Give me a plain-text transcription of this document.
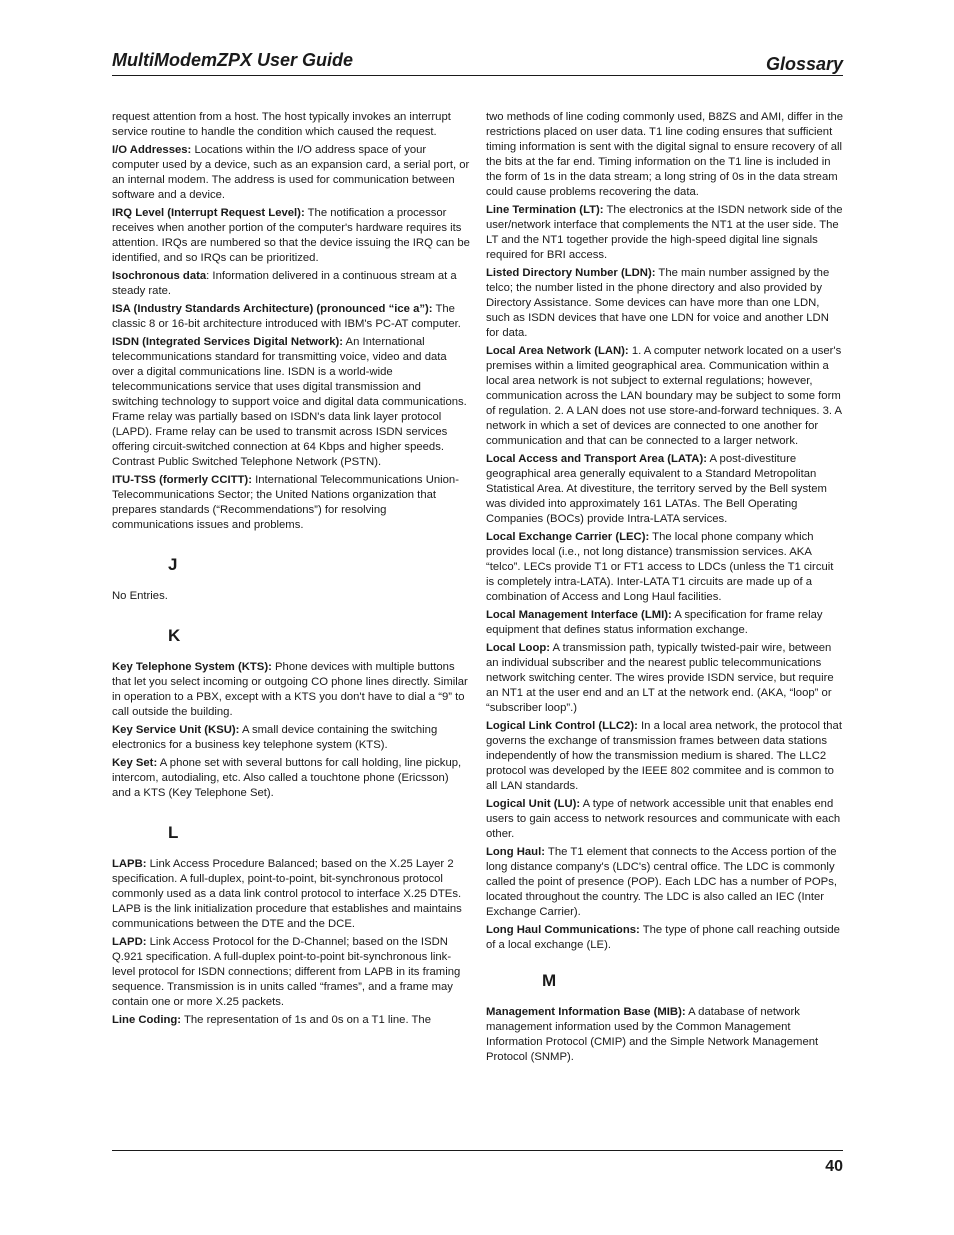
MultiModemZPX User Guide	Glossary

request attention from a host. The host typically invokes an interrupt service routine to handle the condition which caused the request.

I/O Addresses: Locations within the I/O address space of your computer used by a device, such as an expansion card, a serial port, or an internal modem. The address is used for communication between software and a device.

IRQ Level (Interrupt Request Level): The notification a processor receives when another portion of the computer's hardware requires its attention. IRQs are numbered so that the device issuing the IRQ can be identified, and so IRQs can be prioritized.

Isochronous data: Information delivered in a continuous stream at a steady rate.

ISA (Industry Standards Architecture) (pronounced “ice a”): The classic 8 or 16-bit architecture introduced with IBM's PC-AT computer.

ISDN (Integrated Services Digital Network): An International telecommunications standard for transmitting voice, video and data over a digital communications line. ISDN is a world-wide telecommunications service that uses digital transmission and switching technology to support voice and digital data communications. Frame relay was partially based on ISDN's data link layer protocol (LAPD). Frame relay can be used to transmit across ISDN services offering circuit-switched connection at 64 Kbps and higher speeds. Contrast Public Switched Telephone Network (PSTN).

ITU-TSS (formerly CCITT): International Telecommunications Union-Telecommunications Sector; the United Nations organization that prepares standards (“Recommendations”) for resolving communications issues and problems.

J

No Entries.

K

Key Telephone System (KTS): Phone devices with multiple buttons that let you select incoming or outgoing CO phone lines directly. Similar in operation to a PBX, except with a KTS you don't have to dial a “9” to call outside the building.

Key Service Unit (KSU): A small device containing the switching electronics for a business key telephone system (KTS).

Key Set: A phone set with several buttons for call holding, line pickup, intercom, autodialing, etc. Also called a touchtone phone (Ericsson) and a KTS (Key Telephone Set).

L

LAPB: Link Access Procedure Balanced; based on the X.25 Layer 2 specification. A full-duplex, point-to-point, bit-synchronous protocol commonly used as a data link control protocol to interface X.25 DTEs. LAPB is the link initialization procedure that establishes and maintains communications between the DTE and the DCE.

LAPD: Link Access Protocol for the D-Channel; based on the ISDN Q.921 specification. A full-duplex point-to-point bit-synchronous link-level protocol for ISDN connections; different from LAPB in its framing sequence. Transmission is in units called “frames”, and a frame may contain one or more X.25 packets.

Line Coding: The representation of 1s and 0s on a T1 line. The

two methods of line coding commonly used, B8ZS and AMI, differ in the restrictions placed on user data. T1 line coding ensures that sufficient timing information is sent with the digital signal to ensure recovery of all the bits at the far end. Timing information on the T1 line is included in the form of 1s in the data stream; a long string of 0s in the data stream could cause problems recovering the data.

Line Termination (LT): The electronics at the ISDN network side of the user/network interface that complements the NT1 at the user side. The LT and the NT1 together provide the high-speed digital line signals required for BRI access.

Listed Directory Number (LDN): The main number assigned by the telco; the number listed in the phone directory and also provided by Directory Assistance. Some devices can have more than one LDN, such as ISDN devices that have one LDN for voice and another LDN for data.

Local Area Network (LAN): 1. A computer network located on a user's premises within a limited geographical area. Communication within a local area network is not subject to external regulations; however, communication across the LAN boundary may be subject to some form of regulation. 2. A LAN does not use store-and-forward techniques. 3. A network in which a set of devices are connected to one another for communication and that can be connected to a larger network.

Local Access and Transport Area (LATA): A post-divestiture geographical area generally equivalent to a Standard Metropolitan Statistical Area. At divestiture, the territory served by the Bell system was divided into approximately 161 LATAs. The Bell Operating Companies (BOCs) provide Intra-LATA services.

Local Exchange Carrier (LEC): The local phone company which provides local (i.e., not long distance) transmission services. AKA “telco”. LECs provide T1 or FT1 access to LDCs (unless the T1 circuit is completely intra-LATA). Inter-LATA T1 circuits are made up of a combination of Access and Long Haul facilities.

Local Management Interface (LMI): A specification for frame relay equipment that defines status information exchange.

Local Loop: A transmission path, typically twisted-pair wire, between an individual subscriber and the nearest public telecommunications network switching center. The wires provide ISDN service, but require an NT1 at the user end and an LT at the network end. (AKA, “loop” or “subscriber loop”.)

Logical Link Control (LLC2): In a local area network, the protocol that governs the exchange of transmission frames between data stations independently of how the transmission medium is shared. The LLC2 protocol was developed by the IEEE 802 commitee and is common to all LAN standards.

Logical Unit (LU): A type of network accessible unit that enables end users to gain access to network resources and communicate with each other.

Long Haul: The T1 element that connects to the Access portion of the long distance company's (LDC's) central office. The LDC is commonly called the point of presence (POP). Each LDC has a number of POPs, located throughout the country. The LDC is also called an IEC (Inter Exchange Carrier).

Long Haul Communications: The type of phone call reaching outside of a local exchange (LE).

M

Management Information Base (MIB): A database of network management information used by the Common Management Information Protocol (CMIP) and the Simple Network Management Protocol (SNMP).

40
